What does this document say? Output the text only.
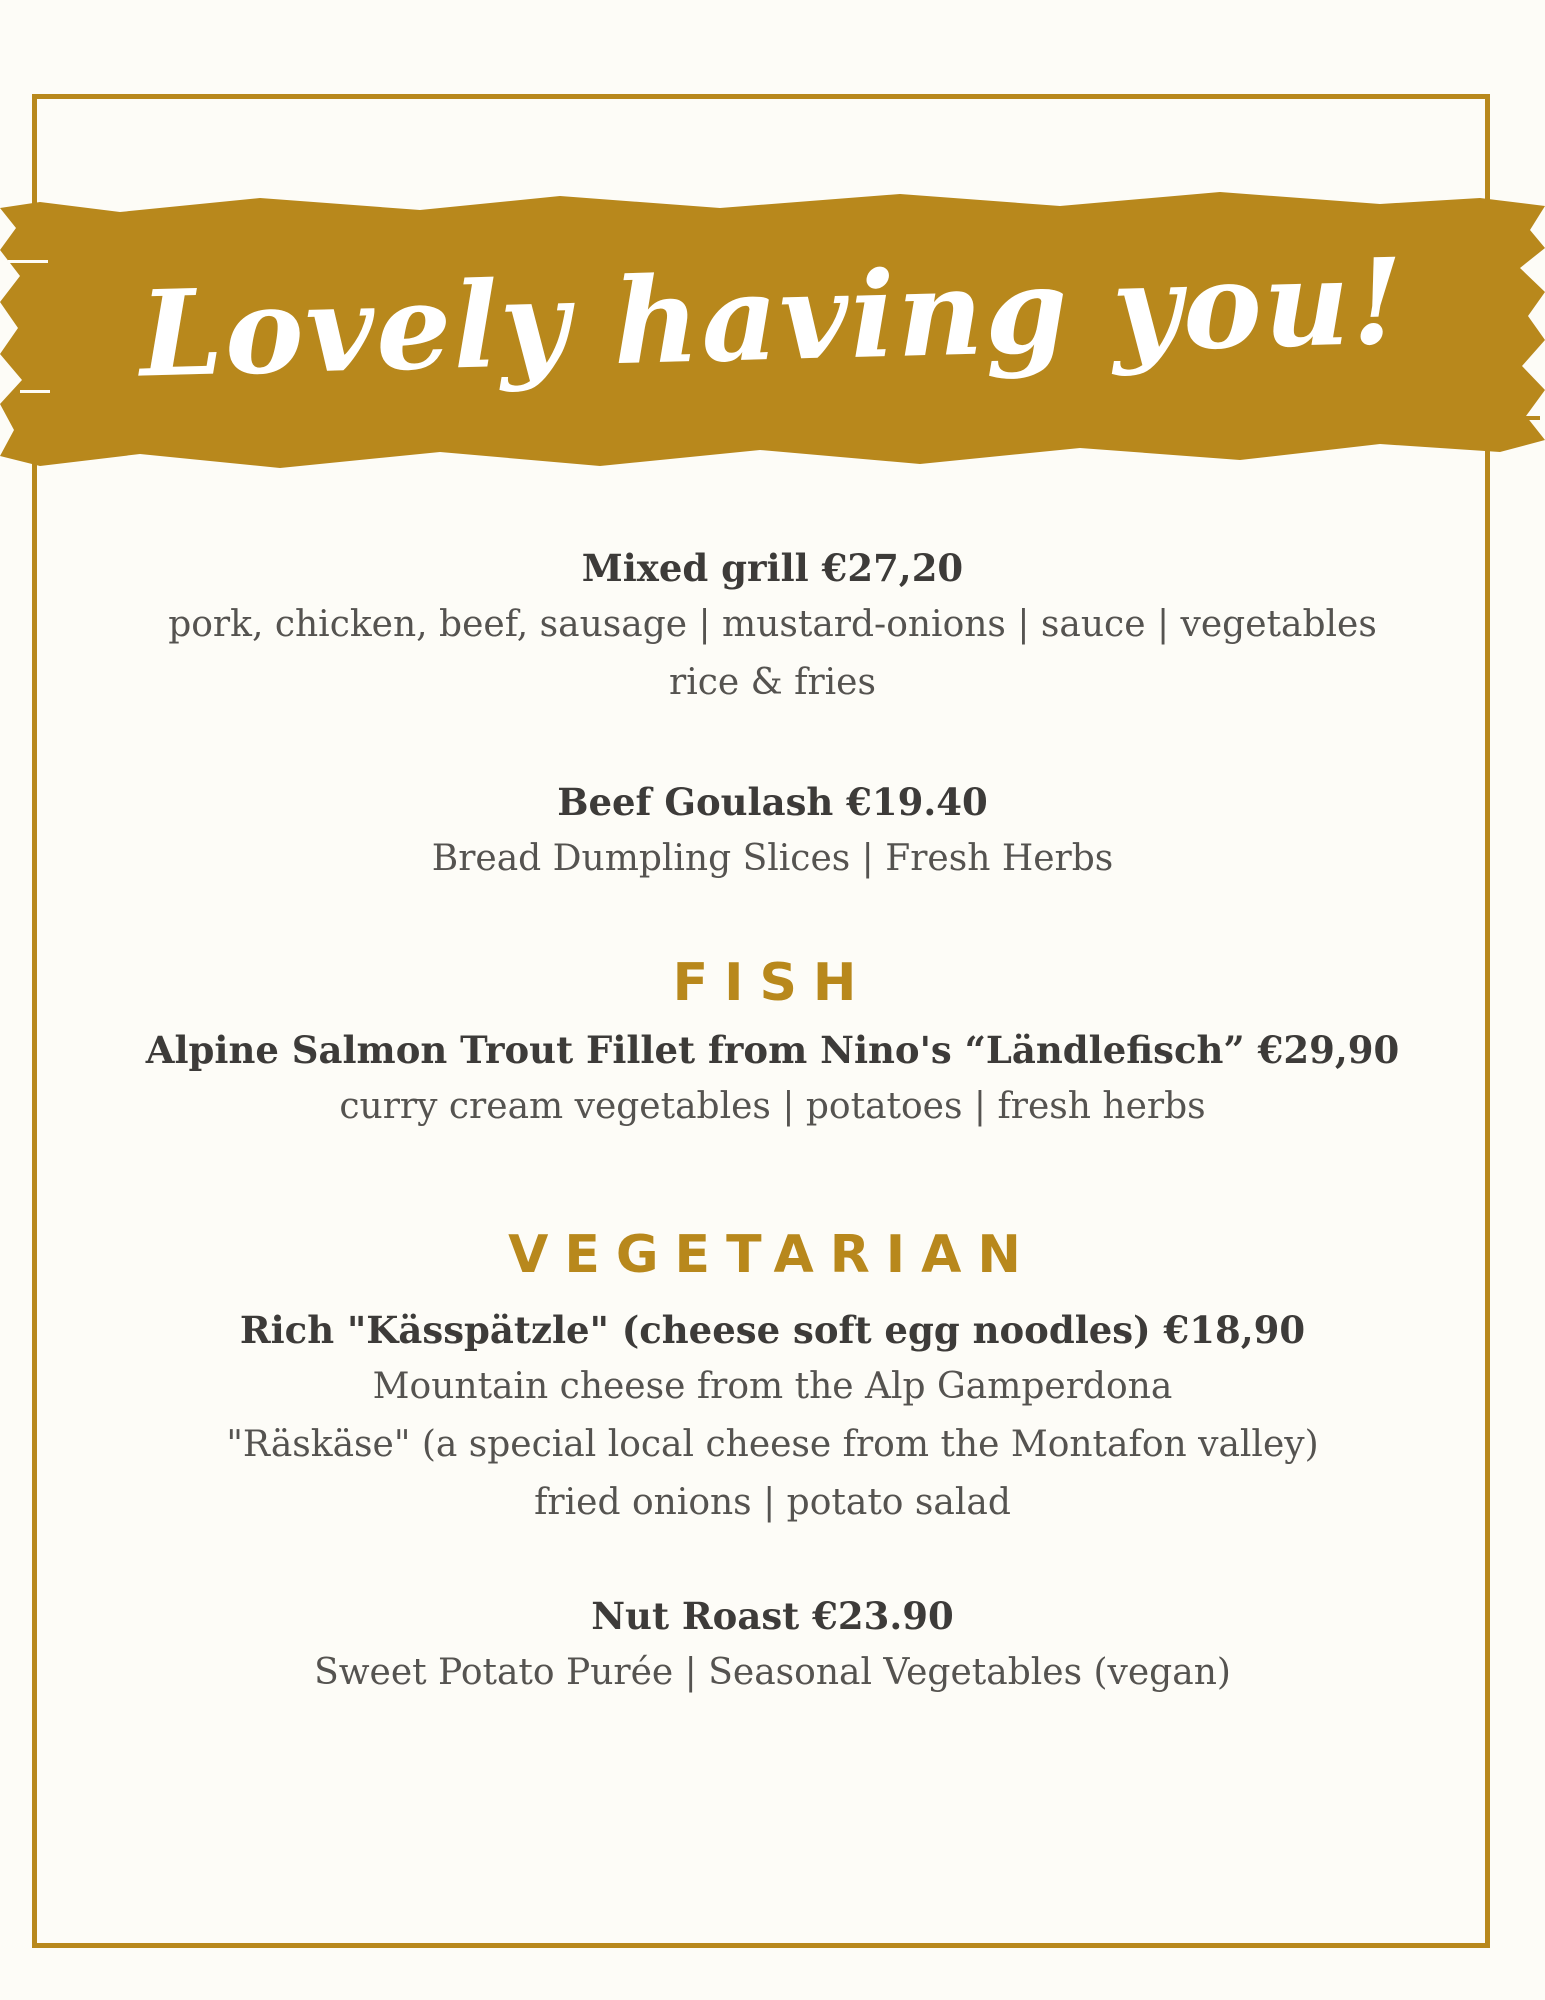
Lovely having you!

Mixed grill €27,20

pork, chicken, beef, sausage | mustard-onions | sauce | vegetables

rice & fries

Beef Goulash €19.40

Bread Dumpling Slices | Fresh Herbs

FISH

Alpine Salmon Trout Fillet from Nino's “Ländlefisch” €29,90

curry cream vegetables | potatoes | fresh herbs

VEGETARIAN

Rich "Kässpätzle" (cheese soft egg noodles) €18,90

Mountain cheese from the Alp Gamperdona

"Räskäse" (a special local cheese from the Montafon valley)

fried onions | potato salad

Nut Roast €23.90

Sweet Potato Purée | Seasonal Vegetables (vegan)
